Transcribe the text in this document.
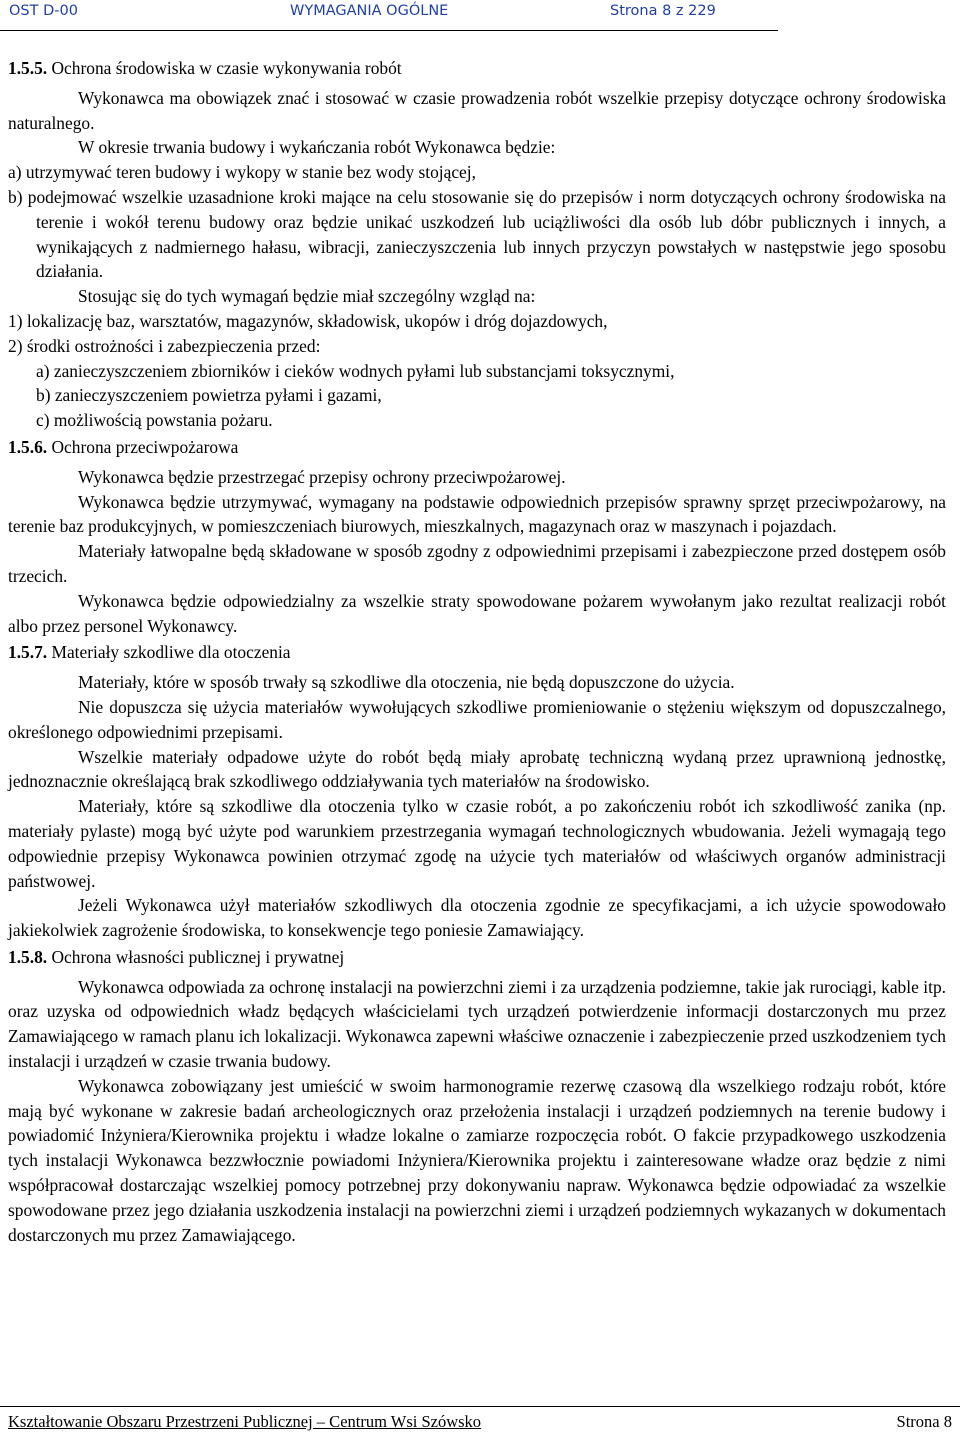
OST D-00	WYMAGANIA OGÓLNE	Strona 8 z 229
1.5.5. Ochrona środowiska w czasie wykonywania robót

Wykonawca ma obowiązek znać i stosować w czasie prowadzenia robót wszelkie przepisy dotyczące ochrony środowiska naturalnego.

W okresie trwania budowy i wykańczania robót Wykonawca będzie:

a) utrzymywać teren budowy i wykopy w stanie bez wody stojącej,

b) podejmować wszelkie uzasadnione kroki mające na celu stosowanie się do przepisów i norm dotyczących ochrony środowiska na terenie i wokół terenu budowy oraz będzie unikać uszkodzeń lub uciążliwości dla osób lub dóbr publicznych i innych, a wynikających z nadmiernego hałasu, wibracji, zanieczyszczenia lub innych przyczyn powstałych w następstwie jego sposobu działania.

Stosując się do tych wymagań będzie miał szczególny wzgląd na:

1) lokalizację baz, warsztatów, magazynów, składowisk, ukopów i dróg dojazdowych,

2) środki ostrożności i zabezpieczenia przed:

a) zanieczyszczeniem zbiorników i cieków wodnych pyłami lub substancjami toksycznymi,

b) zanieczyszczeniem powietrza pyłami i gazami,

c) możliwością powstania pożaru.

1.5.6. Ochrona przeciwpożarowa

Wykonawca będzie przestrzegać przepisy ochrony przeciwpożarowej.

Wykonawca będzie utrzymywać, wymagany na podstawie odpowiednich przepisów sprawny sprzęt przeciwpożarowy, na terenie baz produkcyjnych, w pomieszczeniach biurowych, mieszkalnych, magazynach oraz w maszynach i pojazdach.

Materiały łatwopalne będą składowane w sposób zgodny z odpowiednimi przepisami i zabezpieczone przed dostępem osób trzecich.

Wykonawca będzie odpowiedzialny za wszelkie straty spowodowane pożarem wywołanym jako rezultat realizacji robót albo przez personel Wykonawcy.

1.5.7. Materiały szkodliwe dla otoczenia

Materiały, które w sposób trwały są szkodliwe dla otoczenia, nie będą dopuszczone do użycia.

Nie dopuszcza się użycia materiałów wywołujących szkodliwe promieniowanie o stężeniu większym od dopuszczalnego, określonego odpowiednimi przepisami.

Wszelkie materiały odpadowe użyte do robót będą miały aprobatę techniczną wydaną przez uprawnioną jednostkę, jednoznacznie określającą brak szkodliwego oddziaływania tych materiałów na środowisko.

Materiały, które są szkodliwe dla otoczenia tylko w czasie robót, a po zakończeniu robót ich szkodliwość zanika (np. materiały pylaste) mogą być użyte pod warunkiem przestrzegania wymagań technologicznych wbudowania. Jeżeli wymagają tego odpowiednie przepisy Wykonawca powinien otrzymać zgodę na użycie tych materiałów od właściwych organów administracji państwowej.

Jeżeli Wykonawca użył materiałów szkodliwych dla otoczenia zgodnie ze specyfikacjami, a ich użycie spowodowało jakiekolwiek zagrożenie środowiska, to konsekwencje tego poniesie Zamawiający.

1.5.8. Ochrona własności publicznej i prywatnej

Wykonawca odpowiada za ochronę instalacji na powierzchni ziemi i za urządzenia podziemne, takie jak rurociągi, kable itp. oraz uzyska od odpowiednich władz będących właścicielami tych urządzeń potwierdzenie informacji dostarczonych mu przez Zamawiającego w ramach planu ich lokalizacji. Wykonawca zapewni właściwe oznaczenie i zabezpieczenie przed uszkodzeniem tych instalacji i urządzeń w czasie trwania budowy.

Wykonawca zobowiązany jest umieścić w swoim harmonogramie rezerwę czasową dla wszelkiego rodzaju robót, które mają być wykonane w zakresie badań archeologicznych oraz przełożenia instalacji i urządzeń podziemnych na terenie budowy i powiadomić Inżyniera/Kierownika projektu i władze lokalne o zamiarze rozpoczęcia robót. O fakcie przypadkowego uszkodzenia tych instalacji Wykonawca bezzwłocznie powiadomi Inżyniera/Kierownika projektu i zainteresowane władze oraz będzie z nimi współpracował dostarczając wszelkiej pomocy potrzebnej przy dokonywaniu napraw. Wykonawca będzie odpowiadać za wszelkie spowodowane przez jego działania uszkodzenia instalacji na powierzchni ziemi i urządzeń podziemnych wykazanych w dokumentach dostarczonych mu przez Zamawiającego.

Kształtowanie Obszaru Przestrzeni Publicznej – Centrum Wsi Szówsko	Strona 8
